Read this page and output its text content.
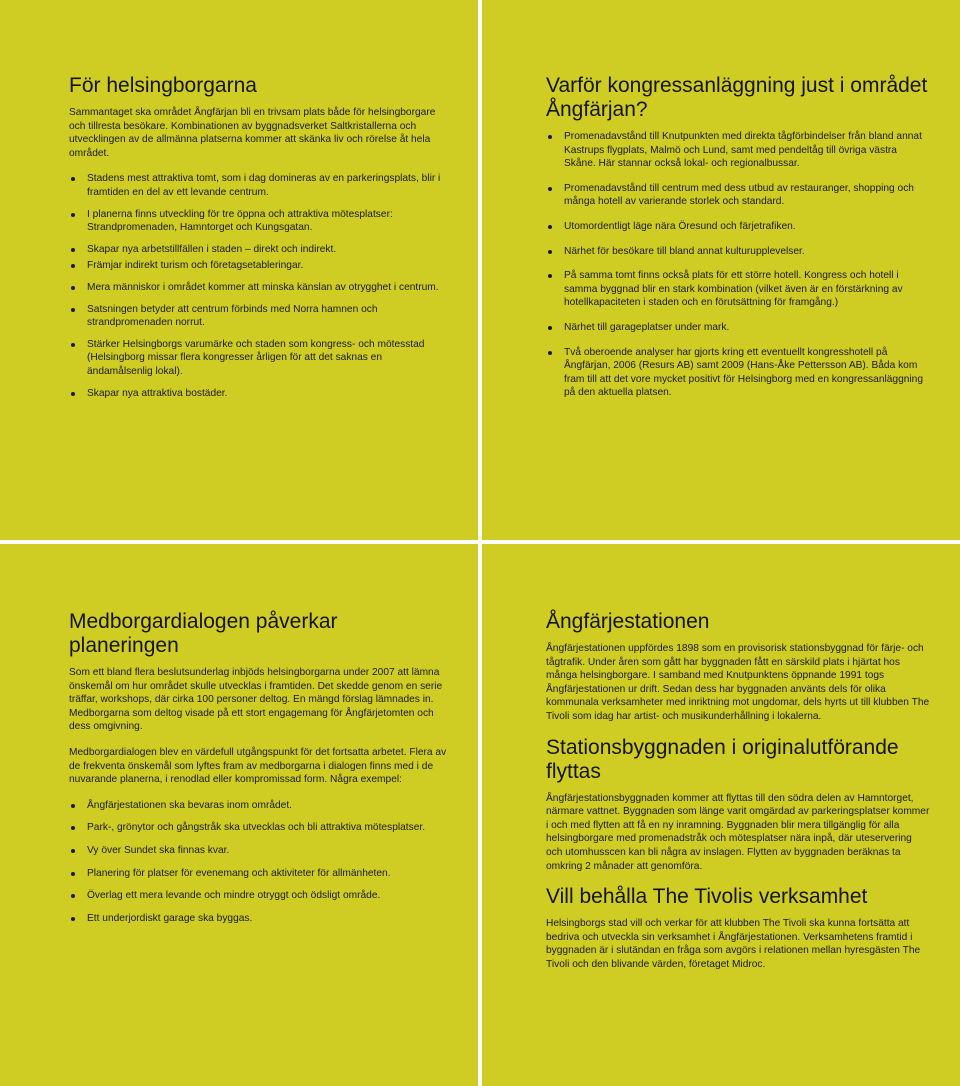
För helsingborgarna

Sammantaget ska området Ångfärjan bli en trivsam plats både för helsingborgare och tillresta besökare. Kombinationen av byggnadsverket Saltkristallerna och utvecklingen av de allmänna platserna kommer att skänka liv och rörelse åt hela området.

Stadens mest attraktiva tomt, som i dag domineras av en parkeringsplats, blir i framtiden en del av ett levande centrum.
I planerna finns utveckling för tre öppna och attraktiva mötesplatser: Strandpromenaden, Hamntorget och Kungsgatan.
Skapar nya arbetstillfällen i staden – direkt och indirekt.
Främjar indirekt turism och företagsetableringar.
Mera människor i området kommer att minska känslan av otrygghet i centrum.
Satsningen betyder att centrum förbinds med Norra hamnen och strandpromenaden norrut.
Stärker Helsingborgs varumärke och staden som kongress- och mötesstad (Helsingborg missar flera kongresser årligen för att det saknas en ändamålsenlig lokal).
Skapar nya attraktiva bostäder.
Varför kongressanläggning just i området Ångfärjan?
Promenadavstånd till Knutpunkten med direkta tågförbindelser från bland annat Kastrups flygplats, Malmö och Lund, samt med pendeltåg till övriga västra Skåne. Här stannar också lokal- och regionalbussar.
Promenadavstånd till centrum med dess utbud av restauranger, shopping och många hotell av varierande storlek och standard.
Utomordentligt läge nära Öresund och färjetrafiken.
Närhet för besökare till bland annat kulturupplevelser.
På samma tomt finns också plats för ett större hotell. Kongress och hotell i samma byggnad blir en stark kombination (vilket även är en förstärkning av hotellkapaciteten i staden och en förutsättning för framgång.)
Närhet till garageplatser under mark.
Två oberoende analyser har gjorts kring ett eventuellt kongresshotell på Ångfärjan, 2006 (Resurs AB) samt 2009 (Hans-Åke Pettersson AB). Båda kom fram till att det vore mycket positivt för Helsingborg med en kongressanläggning på den aktuella platsen.
Medborgardialogen påverkar planeringen

Som ett bland flera beslutsunderlag inbjöds helsingborgarna under 2007 att lämna önskemål om hur området skulle utvecklas i framtiden. Det skedde genom en serie träffar, workshops, där cirka 100 personer deltog. En mängd förslag lämnades in. Medborgarna som deltog visade på ett stort engagemang för Ångfärjetomten och dess omgivning.

Medborgardialogen blev en värdefull utgångspunkt för det fortsatta arbetet. Flera av de frekventa önskemål som lyftes fram av medborgarna i dialogen finns med i de nuvarande planerna, i renodlad eller kompromissad form. Några exempel:

Ångfärjestationen ska bevaras inom området.
Park-, grönytor och gångstråk ska utvecklas och bli attraktiva mötesplatser.
Vy över Sundet ska finnas kvar.
Planering för platser för evenemang och aktiviteter för allmänheten.
Överlag ett mera levande och mindre otryggt och ödsligt område.
Ett underjordiskt garage ska byggas.
Ångfärjestationen

Ångfärjestationen uppfördes 1898 som en provisorisk stationsbyggnad för färje- och tågtrafik. Under åren som gått har byggnaden fått en särskild plats i hjärtat hos många helsingborgare. I samband med Knutpunktens öppnande 1991 togs Ångfärjestationen ur drift. Sedan dess har byggnaden använts dels för olika kommunala verksamheter med inriktning mot ungdomar, dels hyrts ut till klubben The Tivoli som idag har artist- och musikunderhållning i lokalerna.

Stationsbyggnaden i originalutförande flyttas

Ångfärjestationsbyggnaden kommer att flyttas till den södra delen av Hamntorget, närmare vattnet. Byggnaden som länge varit omgärdad av parkeringsplatser kommer i och med flytten att få en ny inramning. Byggnaden blir mera tillgänglig för alla helsingborgare med promenadstråk och mötesplatser nära inpå, där uteservering och utomhusscen kan bli några av inslagen. Flytten av byggnaden beräknas ta omkring 2 månader att genomföra.

Vill behålla The Tivolis verksamhet

Helsingborgs stad vill och verkar för att klubben The Tivoli ska kunna fortsätta att bedriva och utveckla sin verksamhet i Ångfärjestationen. Verksamhetens framtid i byggnaden är i slutändan en fråga som avgörs i relationen mellan hyresgästen The Tivoli och den blivande värden, företaget Midroc.
